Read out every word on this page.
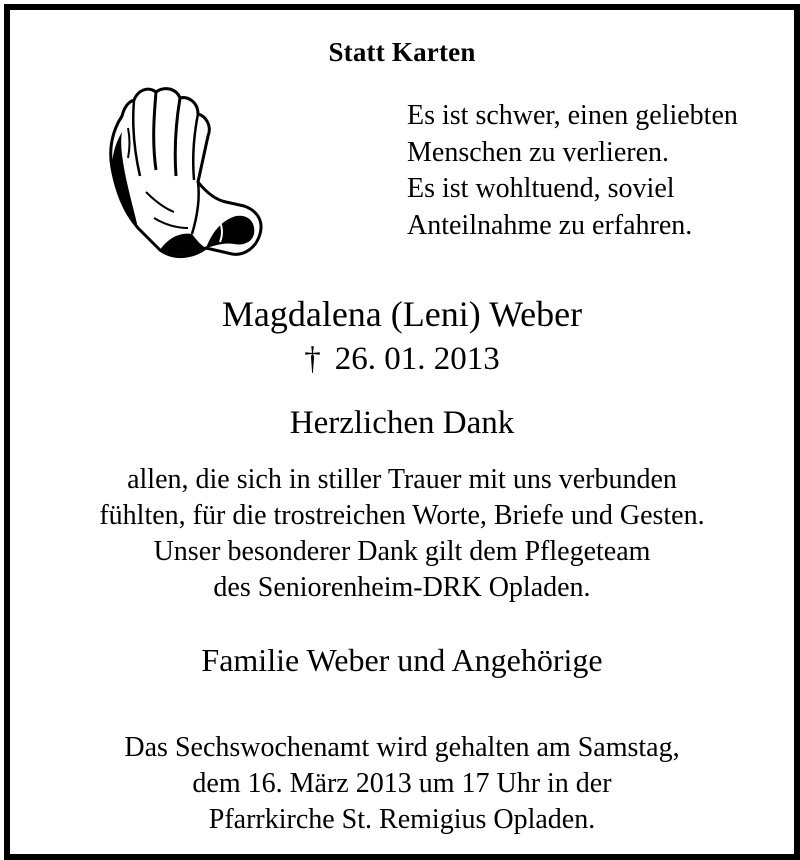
Statt Karten
Es ist schwer, einen geliebten
Menschen zu verlieren.
Es ist wohltuend, soviel
Anteilnahme zu erfahren.
Magdalena (Leni) Weber
† 26. 01. 2013
Herzlichen Dank
allen, die sich in stiller Trauer mit uns verbunden
fühlten, für die trostreichen Worte, Briefe und Gesten.
Unser besonderer Dank gilt dem Pflegeteam
des Seniorenheim-DRK Opladen.
Familie Weber und Angehörige
Das Sechswochenamt wird gehalten am Samstag,
dem 16. März 2013 um 17 Uhr in der
Pfarrkirche St. Remigius Opladen.
